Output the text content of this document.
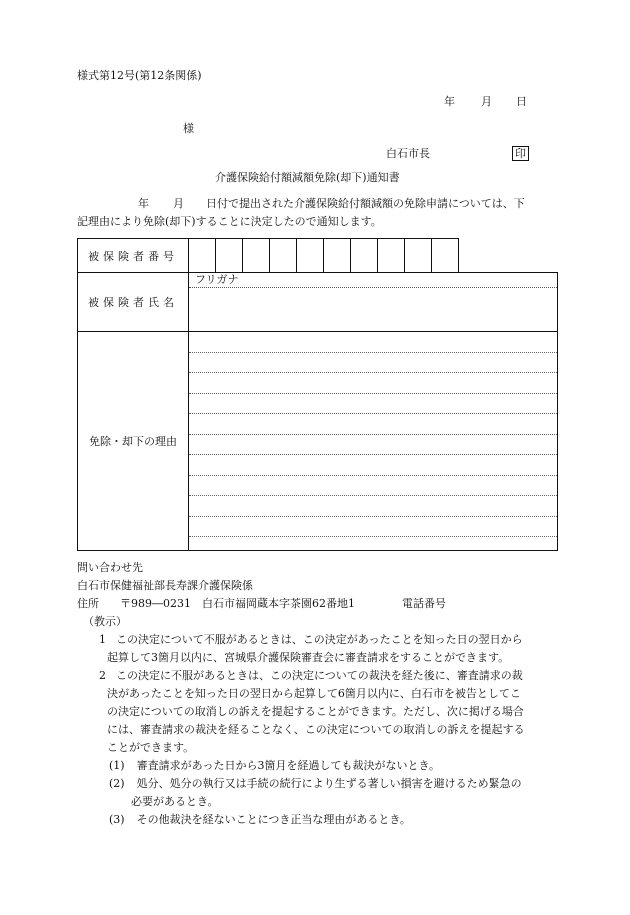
様式第12号(第12条関係)
年 月 日
様
白石市長	印
介護保険給付額減額免除(却下)通知書
年 月 日付で提出された介護保険給付額減額の免除申請については、下
記理由により免除(却下)することに決定したので通知します。
被保険者番号											
被保険者氏名	フリガナ										

免除・却下の理由											
問い合わせ先
白石市保健福祉部長寿課介護保険係
住所 〒989―0231　白石市福岡蔵本字茶園62番地1	電話番号
（教示）
1 この決定について不服があるときは、この決定があったことを知った日の翌日から
起算して3箇月以内に、宮城県介護保険審査会に審査請求をすることができます。
2 この決定に不服があるときは、この決定についての裁決を経た後に、審査請求の裁
決があったことを知った日の翌日から起算して6箇月以内に、白石市を被告としてこ
の決定についての取消しの訴えを提起することができます。ただし、次に掲げる場合
には、審査請求の裁決を経ることなく、この決定についての取消しの訴えを提起する
ことができます。
(1) 審査請求があった日から3箇月を経過しても裁決がないとき。
(2) 処分、処分の執行又は手続の続行により生ずる著しい損害を避けるため緊急の
必要があるとき。
(3) その他裁決を経ないことにつき正当な理由があるとき。
